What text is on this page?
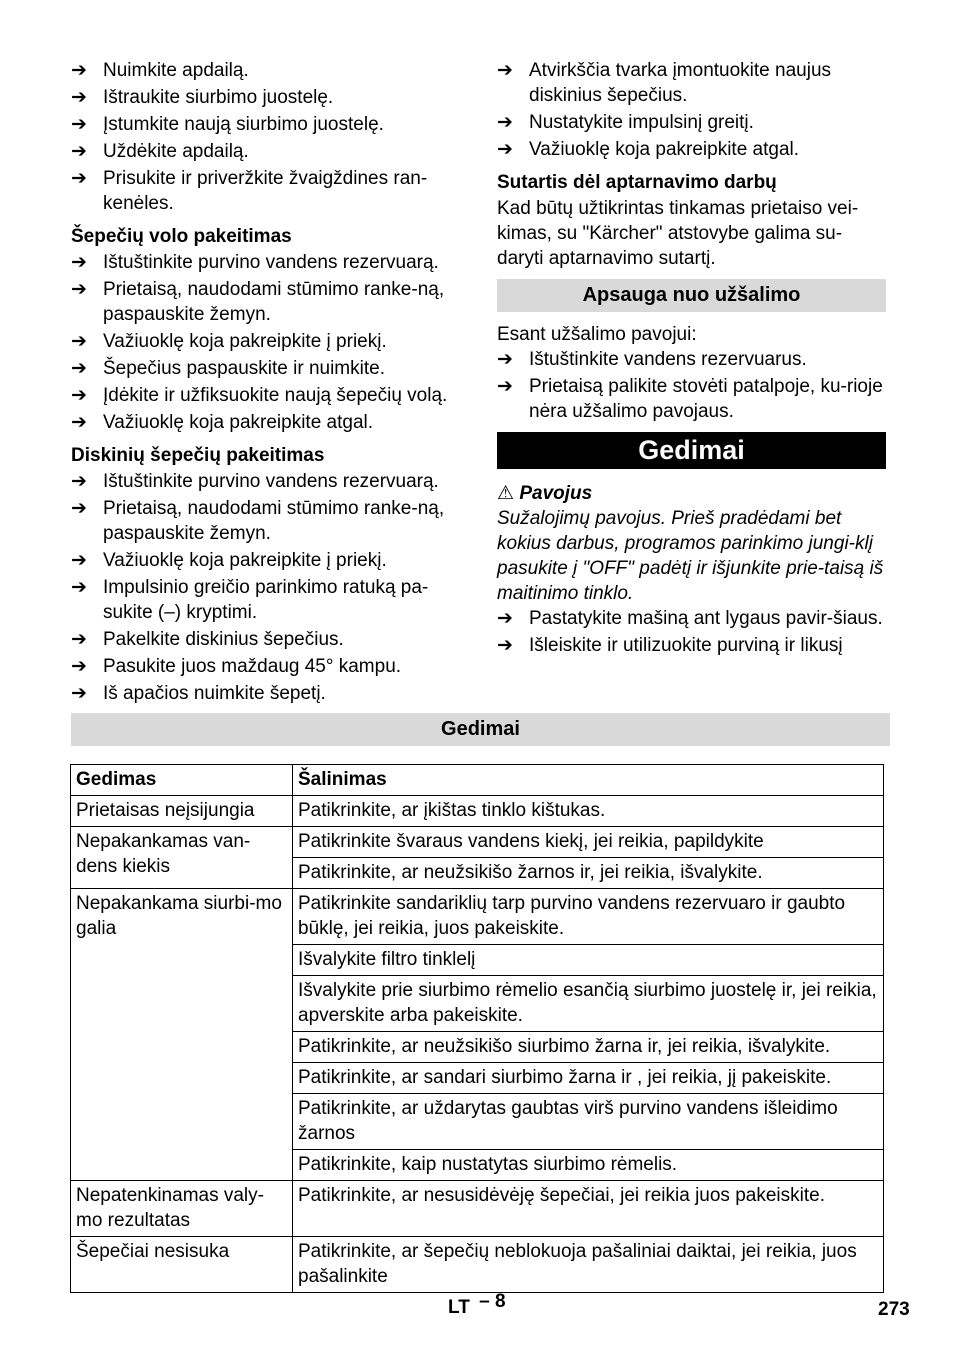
➔ Nuimkite apdailą.
➔ Ištraukite siurbimo juostelę.
➔ Įstumkite naują siurbimo juostelę.
➔ Uždėkite apdailą.
➔ Prisukite ir priveržkite žvaigždines ran-kenėles.
Šepečių volo pakeitimas
➔ Ištuštinkite purvino vandens rezervuarą.
➔ Prietaisą, naudodami stūmimo ranke-ną, paspauskite žemyn.
➔ Važiuoklę koja pakreipkite į priekį.
➔ Šepečius paspauskite ir nuimkite.
➔ Įdėkite ir užfiksuokite naują šepečių volą.
➔ Važiuoklę koja pakreipkite atgal.
Diskinių šepečių pakeitimas
➔ Ištuštinkite purvino vandens rezervuarą.
➔ Prietaisą, naudodami stūmimo ranke-ną, paspauskite žemyn.
➔ Važiuoklę koja pakreipkite į priekį.
➔ Impulsinio greičio parinkimo ratuką pa-sukite (–) kryptimi.
➔ Pakelkite diskinius šepečius.
➔ Pasukite juos maždaug 45° kampu.
➔ Iš apačios nuimkite šepetį.
➔ Atvirkščia tvarka įmontuokite naujus diskinius šepečius.
➔ Nustatykite impulsinį greitį.
➔ Važiuoklę koja pakreipkite atgal.
Sutartis dėl aptarnavimo darbų
Kad būtų užtikrintas tinkamas prietaiso vei-kimas, su "Kärcher" atstovybe galima su-daryti aptarnavimo sutartį.
Apsauga nuo užšalimo
Esant užšalimo pavojui:
➔ Ištuštinkite vandens rezervuarus.
➔ Prietaisą palikite stovėti patalpoje, ku-rioje nėra užšalimo pavojaus.
Gedimai
⚠ Pavojus
Sužalojimų pavojus. Prieš pradėdami bet kokius darbus, programos parinkimo jungi-klį pasukite į "OFF" padėtį ir išjunkite prie-taisą iš maitinimo tinklo.
➔ Pastatykite mašiną ant lygaus pavir-šiaus.
➔ Išleiskite ir utilizuokite purviną ir likusį
Gedimai
Gedimas	Šalinimas
Prietaisas neįsijungia	Patikrinkite, ar įkištas tinklo kištukas.
Nepakankamas van-dens kiekis	Patikrinkite švaraus vandens kiekį, jei reikia, papildykite
	Patikrinkite, ar neužsikišo žarnos ir, jei reikia, išvalykite.
Nepakankama siurbi-mo galia	Patikrinkite sandariklių tarp purvino vandens rezervuaro ir gaubto būklę, jei reikia, juos pakeiskite.
	Išvalykite filtro tinklelį
	Išvalykite prie siurbimo rėmelio esančią siurbimo juostelę ir, jei reikia, apverskite arba pakeiskite.
	Patikrinkite, ar neužsikišo siurbimo žarna ir, jei reikia, išvalykite.
	Patikrinkite, ar sandari siurbimo žarna ir , jei reikia, jį pakeiskite.
	Patikrinkite, ar uždarytas gaubtas virš purvino vandens išleidimo žarnos
	Patikrinkite, kaip nustatytas siurbimo rėmelis.
Nepatenkinamas valy-mo rezultatas	Patikrinkite, ar nesusidėvėję šepečiai, jei reikia juos pakeiskite.
Šepečiai nesisuka	Patikrinkite, ar šepečių neblokuoja pašaliniai daiktai, jei reikia, juos pašalinkite
LT – 8	273
